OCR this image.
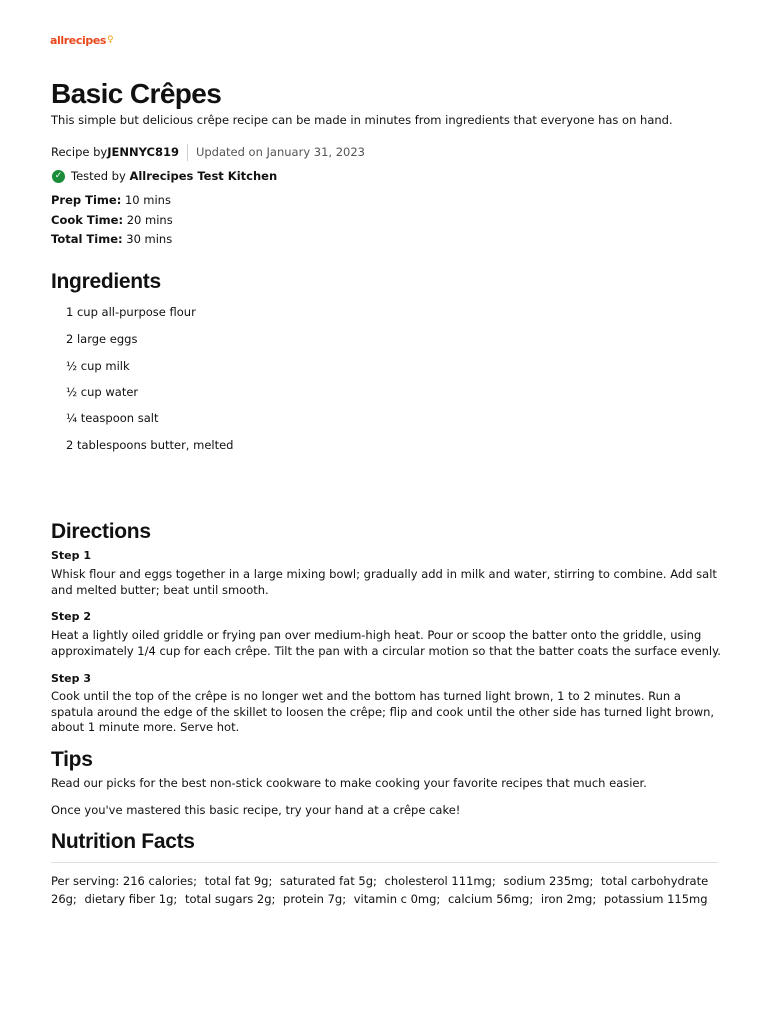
allrecipes♀
Basic Crêpes
This simple but delicious crêpe recipe can be made in minutes from ingredients that everyone has on hand.
Recipe by JENNYC819 Updated on January 31, 2023
✓ Tested by
Allrecipes Test Kitchen
Prep Time: 10 mins
Cook Time: 20 mins
Total Time: 30 mins
Ingredients
1 cup all-purpose flour
2 large eggs
½ cup milk
½ cup water
¼ teaspoon salt
2 tablespoons butter, melted
Directions
Step 1
Whisk flour and eggs together in a large mixing bowl; gradually add in milk and water, stirring to combine. Add salt and melted butter; beat until smooth.
Step 2
Heat a lightly oiled griddle or frying pan over medium-high heat. Pour or scoop the batter onto the griddle, using approximately 1/4 cup for each crêpe. Tilt the pan with a circular motion so that the batter coats the surface evenly.
Step 3
Cook until the top of the crêpe is no longer wet and the bottom has turned light brown, 1 to 2 minutes. Run a spatula around the edge of the skillet to loosen the crêpe; flip and cook until the other side has turned light brown, about 1 minute more. Serve hot.
Tips
Read our picks for the best non-stick cookware to make cooking your favorite recipes that much easier.
Once you've mastered this basic recipe, try your hand at a crêpe cake!
Nutrition Facts
Per serving: 216 calories; total fat 9g; saturated fat 5g; cholesterol 111mg; sodium 235mg; total carbohydrate 26g; dietary fiber 1g; total sugars 2g; protein 7g; vitamin c 0mg; calcium 56mg; iron 2mg; potassium 115mg
